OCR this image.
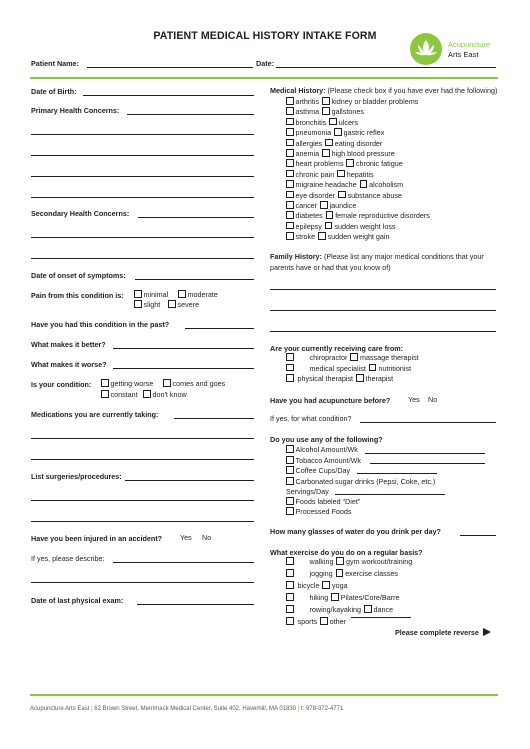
PATIENT MEDICAL HISTORY INTAKE FORM
Acupuncture
Arts East
Patient Name:	Date:
Date of Birth:
Primary Health Concerns:
Secondary Health Concerns:
Date of onset of symptoms:
Pain from this condition is:	minimal	moderate
slight	severe
Have you had this condition in the past?
What makes it better?
What makes it worse?
Is your condition:	getting worse	comes and goes
constant	don't know
Medications you are currently taking:
List surgeries/procedures:
Have you been injured in an accident? Yes No
If yes, please describe:
Date of last physical exam:
Medical History: (Please check box if you have ever had the following)
arthritis kidney or bladder problems
asthma gallstones
bronchitis ulcers
pneumonia gastric reflex
allergies eating disorder
anemia high blood pressure
heart problems chronic fatigue
chronic pain hepatitis
migraine headache alcoholism
eye disorder substance abuse
cancer jaundice
diabetes female reproductive disorders
epilepsy sudden weight loss
stroke sudden weight gain
Family History: (Please list any major medical conditions that your
parents have or had that you know of)
Are your currently receiving care from:
chiropractor massage therapist
medical specialist nutritionist
physical therapist therapist
Have you had acupuncture before? Yes No
If yes, for what condition?
Do you use any of the following?
Alcohol Amount/Wk
Tobacco Amount/Wk
Coffee Cups/Day
Carbonated sugar drinks (Pepsi, Coke, etc.)
Foods labeled “Diet”
Processed Foods
Servings/Day
How many glasses of water do you drink per day?
What exercise do you do on a regular basis?
walking gym workout/training
jogging exercise classes
bicycle yoga
hiking Pilates/Core/Barre
rowing/kayaking dance
sports other
Please complete reverse
Acupuncture Arts East | 62 Brown Street, Merrimack Medical Center, Suite 402, Haverhill, MA 01830 | t: 978-372-4771
